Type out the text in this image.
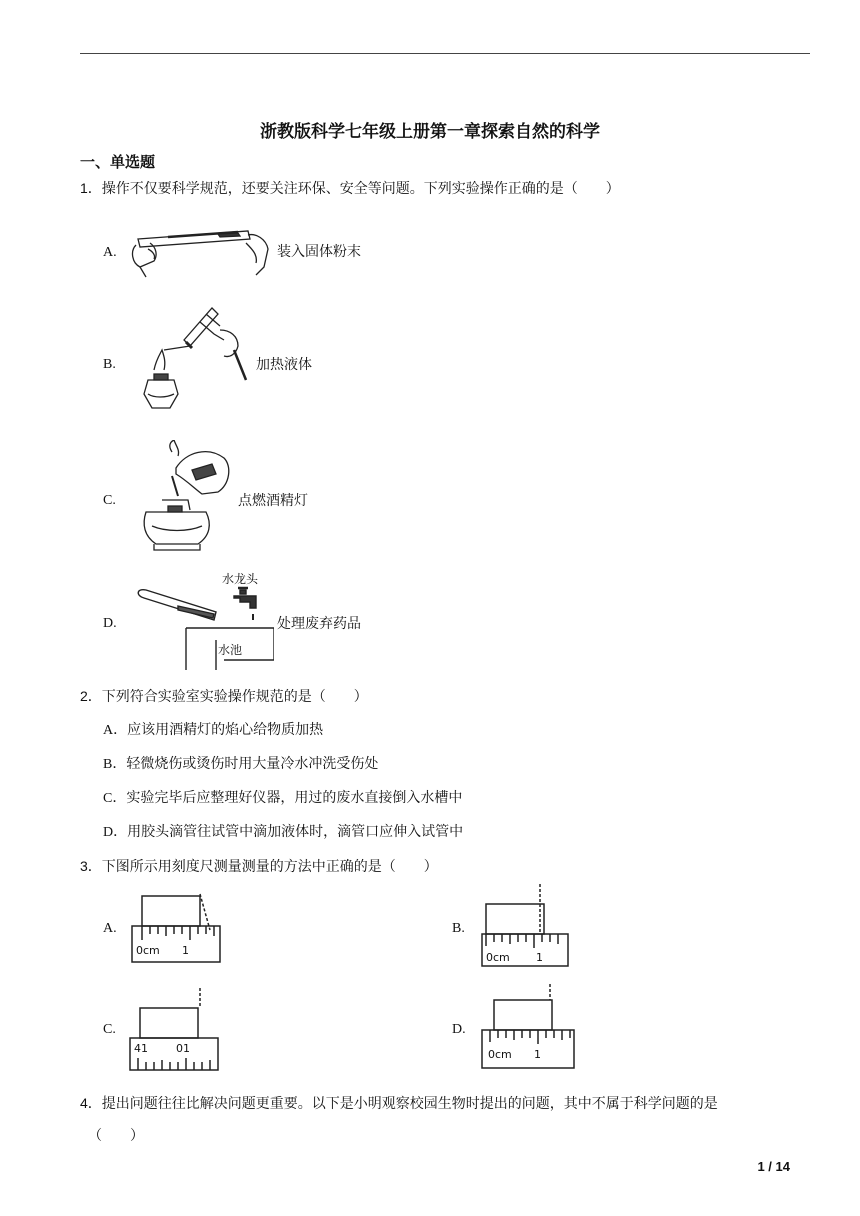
浙教版科学七年级上册第一章探索自然的科学
一、单选题
1．操作不仅要科学规范，还要关注环保、安全等问题。下列实验操作正确的是（　　）
A.	装入固体粉末
B.	加热液体
C.	点燃酒精灯
D.
水龙头
水池
处理废弃药品
2．下列符合实验室实验操作规范的是（　　）
A．应该用酒精灯的焰心给物质加热
B．轻微烧伤或烫伤时用大量冷水冲洗受伤处
C．实验完毕后应整理好仪器，用过的废水直接倒入水槽中
D．用胶头滴管往试管中滴加液体时，滴管口应伸入试管中
3．下图所示用刻度尺测量测量的方法中正确的是（　　）
A.
0cm 1
B.
0cm 1
C.
41	01
D.
0cm 1
4．提出问题往往比解决问题更重要。以下是小明观察校园生物时提出的问题，其中不属于科学问题的是
（　　）
1 / 14
